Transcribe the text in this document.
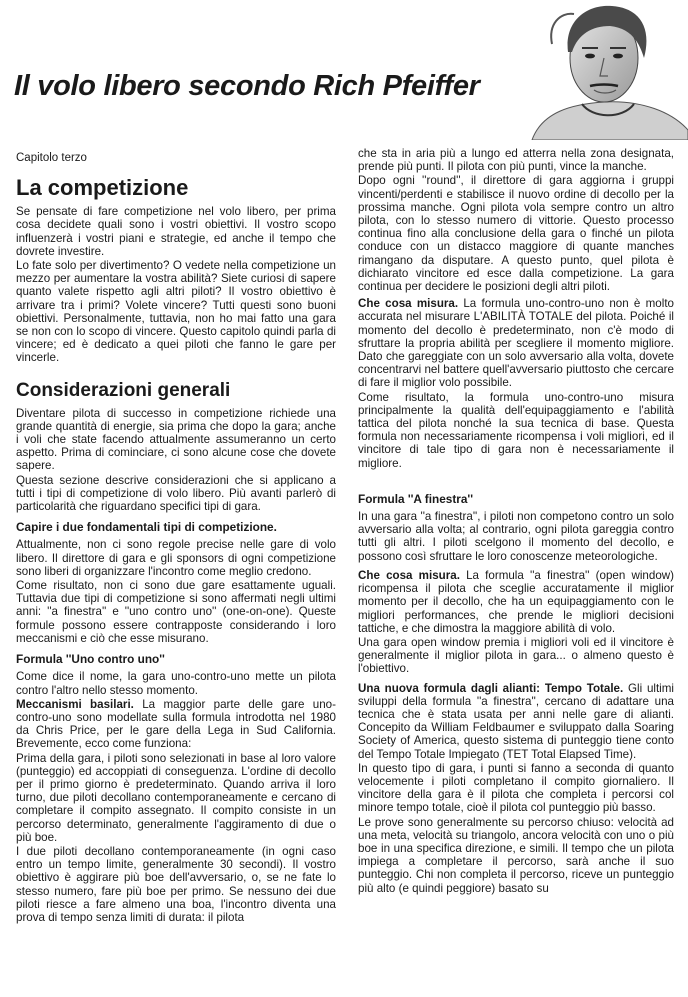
Il volo libero secondo Rich Pfeiffer
Capitolo terzo
La competizione

Se pensate di fare competizione nel volo libero, per prima cosa decidete quali sono i vostri obiettivi. Il vostro scopo influenzerà i vostri piani e strategie, ed anche il tempo che dovrete investire.

Lo fate solo per divertimento? O vedete nella competizione un mezzo per aumentare la vostra abilità? Siete curiosi di sapere quanto valete rispetto agli altri piloti? Il vostro obiettivo è arrivare tra i primi? Volete vincere? Tutti questi sono buoni obiettivi. Personalmente, tuttavia, non ho mai fatto una gara se non con lo scopo di vincere. Questo capitolo quindi parla di vincere; ed è dedicato a quei piloti che fanno le gare per vincerle.

Considerazioni generali

Diventare pilota di successo in competizione richiede una grande quantità di energie, sia prima che dopo la gara; anche i voli che state facendo attualmente assumeranno un certo aspetto. Prima di cominciare, ci sono alcune cose che dovete sapere.

Questa sezione descrive considerazioni che si applicano a tutti i tipi di competizione di volo libero. Più avanti parlerò di particolarità che riguardano specifici tipi di gara.

Capire i due fondamentali tipi di competizione.

Attualmente, non ci sono regole precise nelle gare di volo libero. Il direttore di gara e gli sponsors di ogni competizione sono liberi di organizzare l'incontro come meglio credono.

Come risultato, non ci sono due gare esattamente uguali. Tuttavia due tipi di competizione si sono affermati negli ultimi anni: ''a finestra'' e ''uno contro uno'' (one-on-one). Queste formule possono essere contrapposte considerando i loro meccanismi e ciò che esse misurano.

Formula ''Uno contro uno''

Come dice il nome, la gara uno-contro-uno mette un pilota contro l'altro nello stesso momento.

Meccanismi basilari. La maggior parte delle gare uno-contro-uno sono modellate sulla formula introdotta nel 1980 da Chris Price, per le gare della Lega in Sud California. Brevemente, ecco come funziona:

Prima della gara, i piloti sono selezionati in base al loro valore (punteggio) ed accoppiati di conseguenza. L'ordine di decollo per il primo giorno è predeterminato. Quando arriva il loro turno, due piloti decollano contemporaneamente e cercano di completare il compito assegnato. Il compito consiste in un percorso determinato, generalmente l'aggiramento di due o più boe.

I due piloti decollano contemporaneamente (in ogni caso entro un tempo limite, generalmente 30 secondi). Il vostro obiettivo è aggirare più boe dell'avversario, o, se ne fate lo stesso numero, fare più boe per primo. Se nessuno dei due piloti riesce a fare almeno una boa, l'incontro diventa una prova di tempo senza limiti di durata: il pilota

che sta in aria più a lungo ed atterra nella zona designata, prende più punti. Il pilota con più punti, vince la manche.

Dopo ogni ''round'', il direttore di gara aggiorna i gruppi vincenti/perdenti e stabilisce il nuovo ordine di decollo per la prossima manche. Ogni pilota vola sempre contro un altro pilota, con lo stesso numero di vittorie. Questo processo continua fino alla conclusione della gara o finché un pilota conduce con un distacco maggiore di quante manches rimangano da disputare. A questo punto, quel pilota è dichiarato vincitore ed esce dalla competizione. La gara continua per decidere le posizioni degli altri piloti.

Che cosa misura. La formula uno-contro-uno non è molto accurata nel misurare L'ABILITÀ TOTALE del pilota. Poiché il momento del decollo è predeterminato, non c'è modo di sfruttare la propria abilità per scegliere il momento migliore. Dato che gareggiate con un solo avversario alla volta, dovete concentrarvi nel battere quell'avversario piuttosto che cercare di fare il miglior volo possibile.

Come risultato, la formula uno-contro-uno misura principalmente la qualità dell'equipaggiamento e l'abilità tattica del pilota nonché la sua tecnica di base. Questa formula non necessariamente ricompensa i voli migliori, ed il vincitore di tale tipo di gara non è necessariamente il migliore.

Formula ''A finestra''

In una gara ''a finestra'', i piloti non competono contro un solo avversario alla volta; al contrario, ogni pilota gareggia contro tutti gli altri. I piloti scelgono il momento del decollo, e possono così sfruttare le loro conoscenze meteorologiche.

Che cosa misura. La formula ''a finestra'' (open window) ricompensa il pilota che sceglie accuratamente il miglior momento per il decollo, che ha un equipaggiamento con le migliori performances, che prende le migliori decisioni tattiche, e che dimostra la maggiore abilità di volo.

Una gara open window premia i migliori voli ed il vincitore è generalmente il miglior pilota in gara... o almeno questo è l'obiettivo.

Una nuova formula dagli alianti: Tempo Totale. Gli ultimi sviluppi della formula ''a finestra'', cercano di adattare una tecnica che è stata usata per anni nelle gare di alianti. Concepito da William Feldbaumer e sviluppato dalla Soaring Society of America, questo sistema di punteggio tiene conto del Tempo Totale Impiegato (TET Total Elapsed Time).

In questo tipo di gara, i punti si fanno a seconda di quanto velocemente i piloti completano il compito giornaliero. Il vincitore della gara è il pilota che completa i percorsi col minore tempo totale, cioè il pilota col punteggio più basso.

Le prove sono generalmente su percorso chiuso: velocità ad una meta, velocità su triangolo, ancora velocità con uno o più boe in una specifica direzione, e simili. Il tempo che un pilota impiega a completare il percorso, sarà anche il suo punteggio. Chi non completa il percorso, riceve un punteggio più alto (e quindi peggiore) basato su
